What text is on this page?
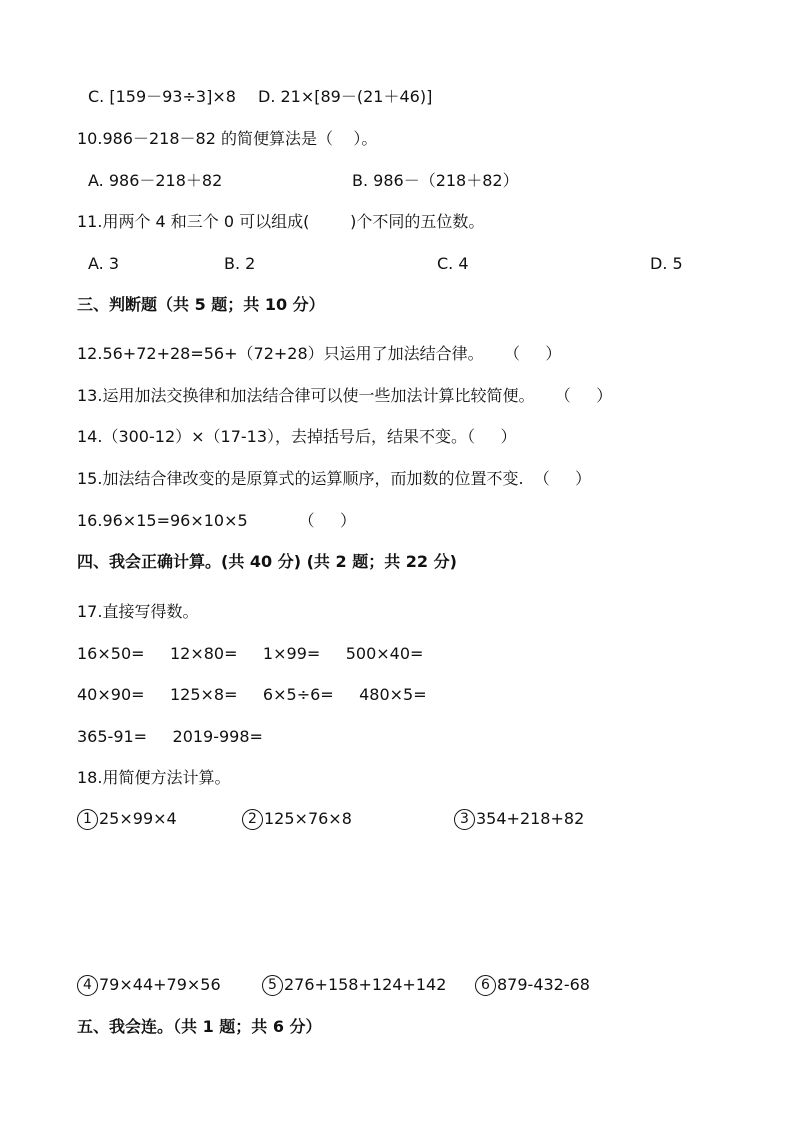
C. [159－93÷3]×8 D. 21×[89－(21＋46)]
10.986－218－82 的简便算法是（    ）。
A. 986－218＋82	B. 986－（218＋82）
11.用两个 4 和三个 0 可以组成(        )个不同的五位数。
A. 3	B. 2	C. 4	D. 5
三、判断题（共 5 题；共 10 分）
12.56+72+28=56+（72+28）只运用了加法结合律。    （     ）
13.运用加法交换律和加法结合律可以使一些加法计算比较简便。    （     ）
14.（300-12）×（17-13），去掉括号后，结果不变。（     ）
15.加法结合律改变的是原算式的运算顺序，而加数的位置不变.  （     ）
16.96×15=96×10×5          （     ）
四、我会正确计算。(共 40 分) (共 2 题；共 22 分)
17.直接写得数。
16×50=     12×80=     1×99=     500×40=
40×90=     125×8=     6×5÷6=     480×5=
365-91=     2019-998=
18.用简便方法计算。
1 25×99×4	2 125×76×8	3 354+218+82
4 79×44+79×56	5 276+158+124+142	6 879-432-68
五、我会连。（共 1 题；共 6 分）
